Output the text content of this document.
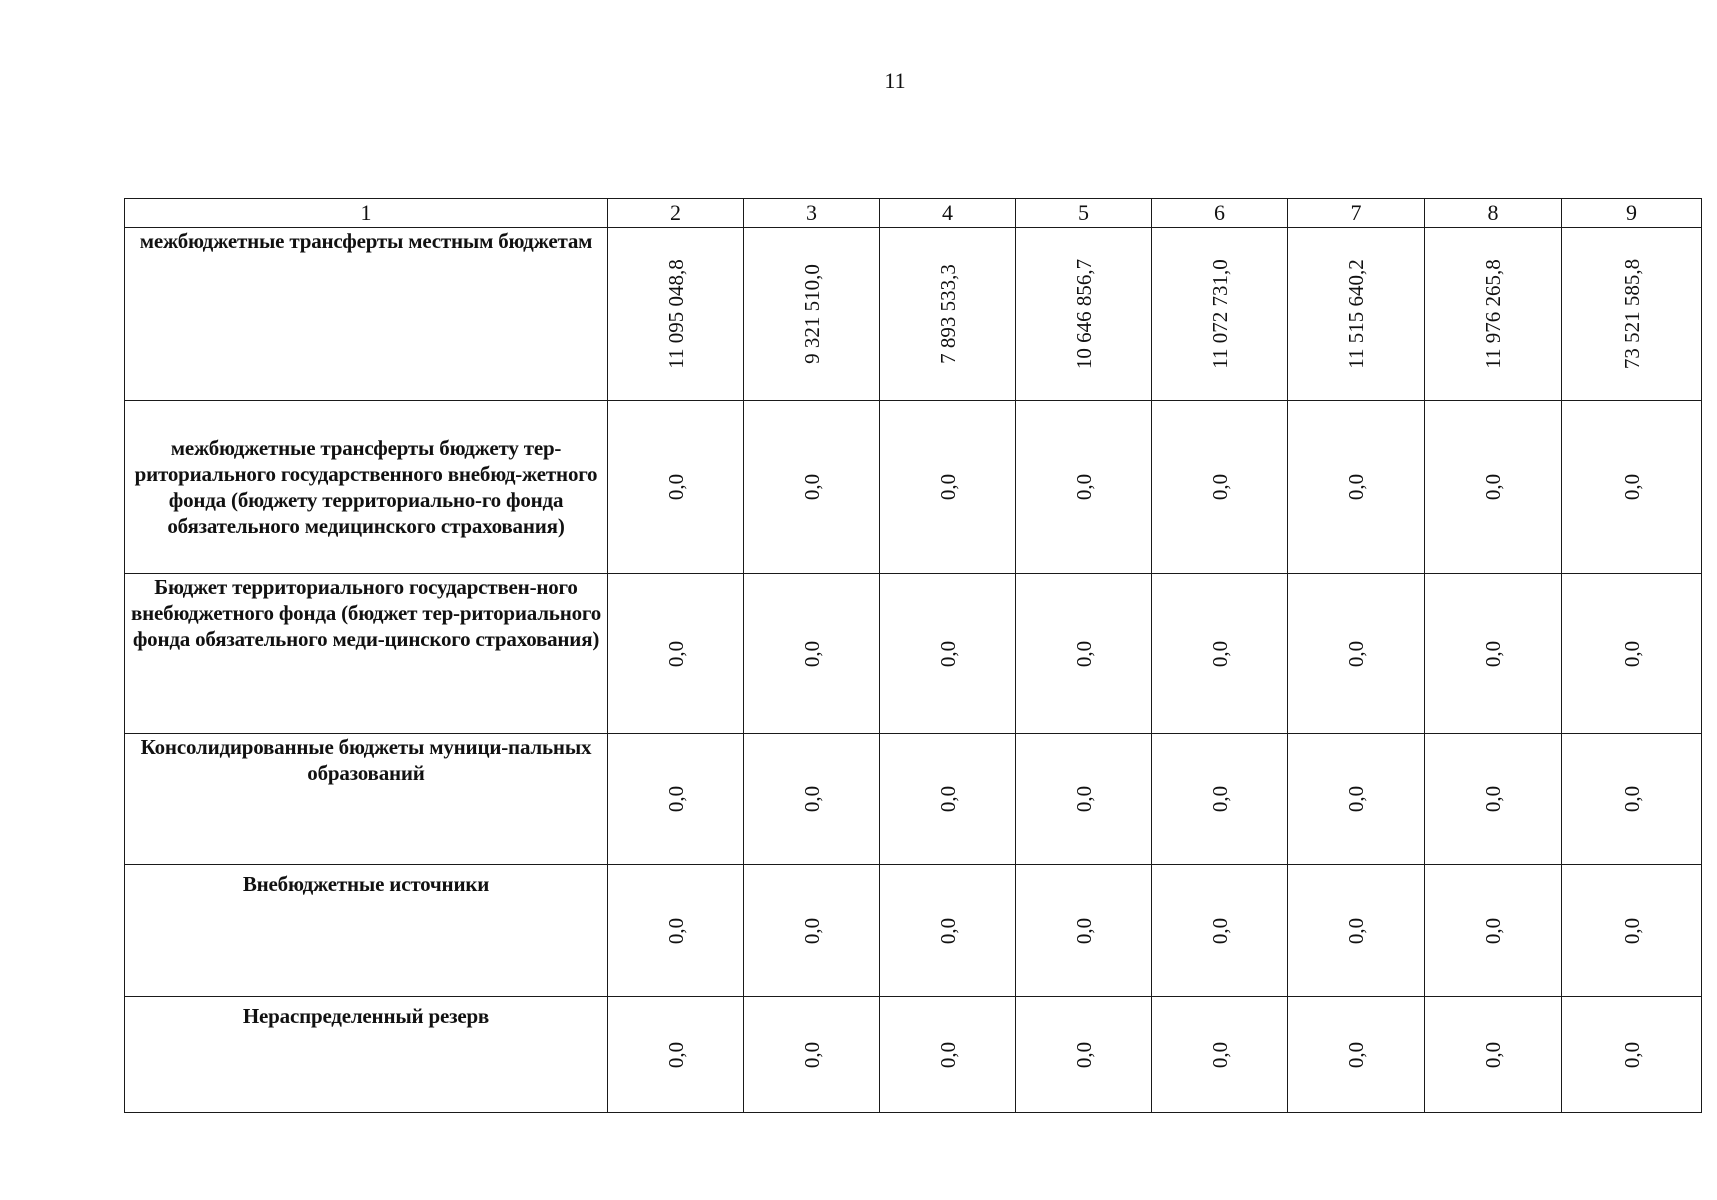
11
1	2	3	4	5	6	7	8	9
межбюджетные трансферты местным бюджетам	11 095 048,8	9 321 510,0	7 893 533,3	10 646 856,7	11 072 731,0	11 515 640,2	11 976 265,8	73 521 585,8

межбюджетные трансферты бюджету тер-риториального государственного внебюд-жетного фонда (бюджету территориально-го фонда обязательного медицинского страхования)	0,0	0,0	0,0	0,0	0,0	0,0	0,0	0,0

Бюджет территориального государствен-ного внебюджетного фонда (бюджет тер-риториального фонда обязательного меди-цинского страхования)	0,0	0,0	0,0	0,0	0,0	0,0	0,0	0,0

Консолидированные бюджеты муници-пальных образований	0,0	0,0	0,0	0,0	0,0	0,0	0,0	0,0

Внебюджетные источники	0,0	0,0	0,0	0,0	0,0	0,0	0,0	0,0

Нераспределенный резерв	0,0	0,0	0,0	0,0	0,0	0,0	0,0	0,0
